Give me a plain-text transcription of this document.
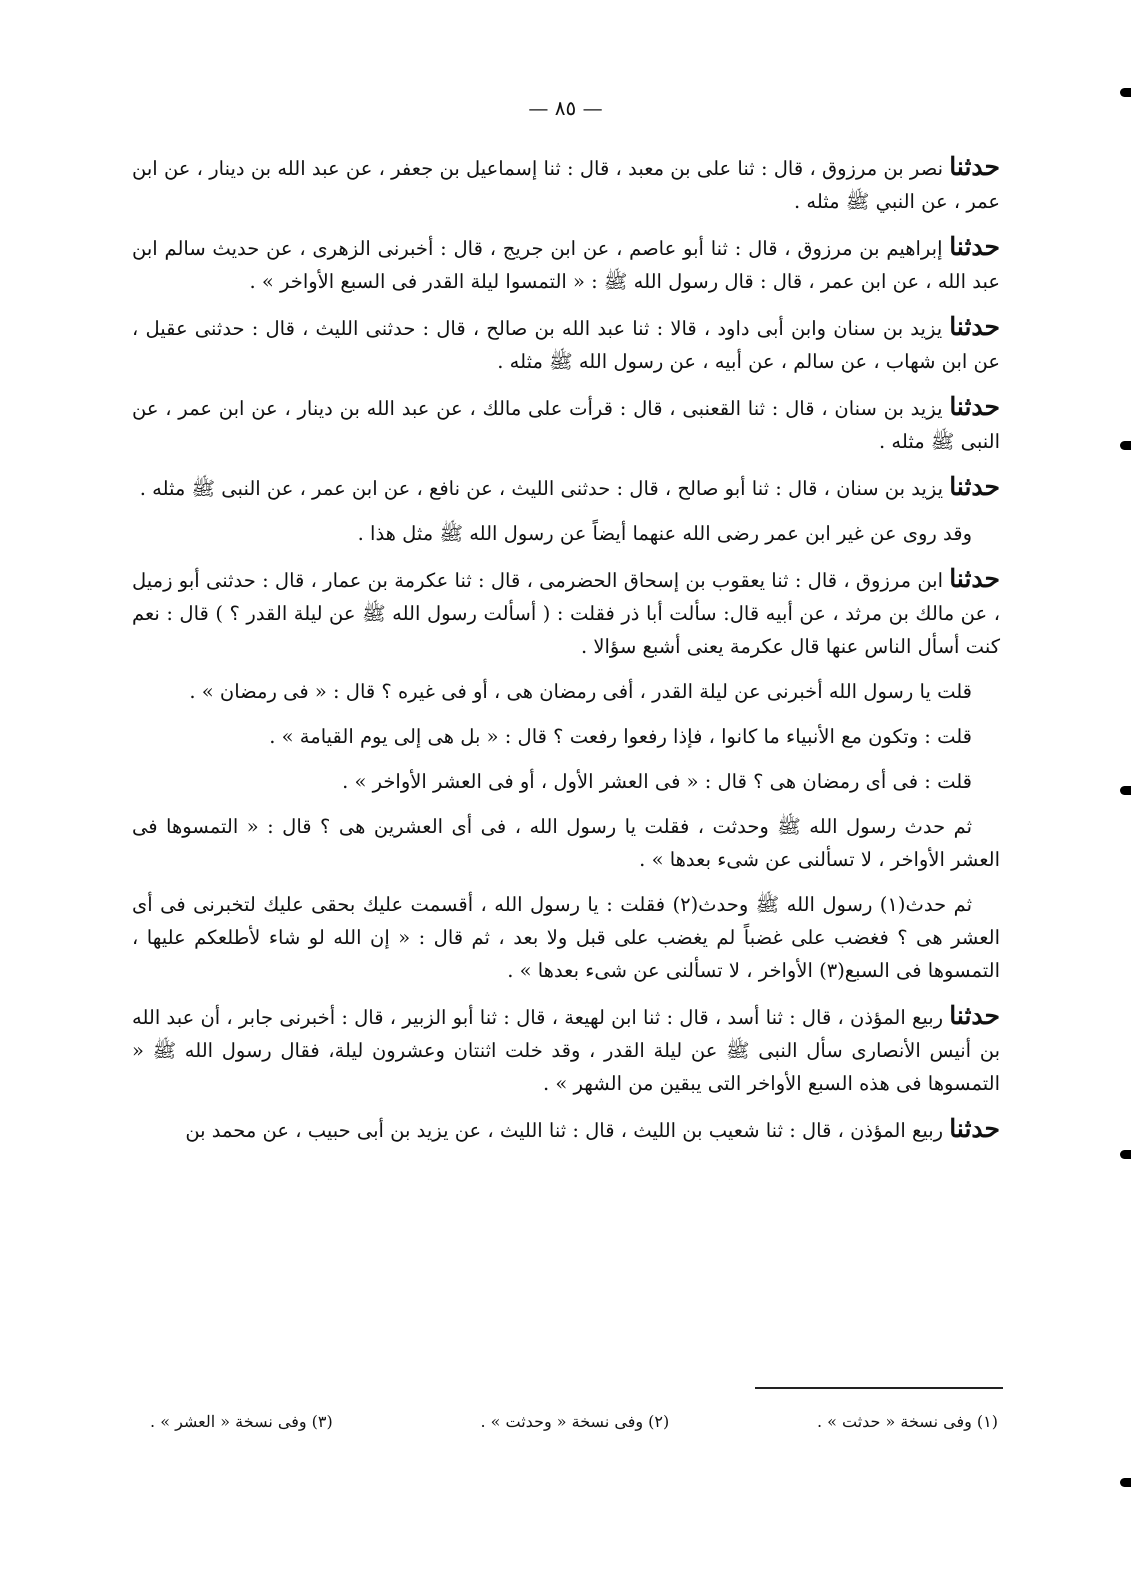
— ٨٥ —

حدثنا نصر بن مرزوق ، قال : ثنا على بن معبد ، قال : ثنا إسماعيل بن جعفر ، عن عبد الله بن دينار ، عن ابن عمر ، عن النبي ﷺ مثله .

حدثنا إبراهيم بن مرزوق ، قال : ثنا أبو عاصم ، عن ابن جريج ، قال : أخبرنى الزهرى ، عن حديث سالم ابن عبد الله ، عن ابن عمر ، قال : قال رسول الله ﷺ : « التمسوا ليلة القدر فى السبع الأواخر » .

حدثنا يزيد بن سنان وابن أبى داود ، قالا : ثنا عبد الله بن صالح ، قال : حدثنى الليث ، قال : حدثنى عقيل ، عن ابن شهاب ، عن سالم ، عن أبيه ، عن رسول الله ﷺ مثله .

حدثنا يزيد بن سنان ، قال : ثنا القعنبى ، قال : قرأت على مالك ، عن عبد الله بن دينار ، عن ابن عمر ، عن النبى ﷺ مثله .

حدثنا يزيد بن سنان ، قال : ثنا أبو صالح ، قال : حدثنى الليث ، عن نافع ، عن ابن عمر ، عن النبى ﷺ مثله .

وقد روى عن غير ابن عمر رضى الله عنهما أيضاً عن رسول الله ﷺ مثل هذا .

حدثنا ابن مرزوق ، قال : ثنا يعقوب بن إسحاق الحضرمى ، قال : ثنا عكرمة بن عمار ، قال : حدثنى أبو زميل ، عن مالك بن مرثد ، عن أبيه قال: سألت أبا ذر فقلت : ( أسألت رسول الله ﷺ عن ليلة القدر ؟ ) قال : نعم كنت أسأل الناس عنها قال عكرمة يعنى أشبع سؤالا .

قلت يا رسول الله أخبرنى عن ليلة القدر ، أفى رمضان هى ، أو فى غيره ؟ قال : « فى رمضان » .

قلت : وتكون مع الأنبياء ما كانوا ، فإذا رفعوا رفعت ؟ قال : « بل هى إلى يوم القيامة » .

قلت : فى أى رمضان هى ؟ قال : « فى العشر الأول ، أو فى العشر الأواخر » .

ثم حدث رسول الله ﷺ وحدثت ، فقلت يا رسول الله ، فى أى العشرين هى ؟ قال : « التمسوها فى العشر الأواخر ، لا تسألنى عن شىء بعدها » .

ثم حدث(١) رسول الله ﷺ وحدث(٢) فقلت : يا رسول الله ، أقسمت عليك بحقى عليك لتخبرنى فى أى العشر هى ؟ فغضب على غضباً لم يغضب على قبل ولا بعد ، ثم قال : « إن الله لو شاء لأطلعكم عليها ، التمسوها فى السبع(٣) الأواخر ، لا تسألنى عن شىء بعدها » .

حدثنا ربيع المؤذن ، قال : ثنا أسد ، قال : ثنا ابن لهيعة ، قال : ثنا أبو الزبير ، قال : أخبرنى جابر ، أن عبد الله بن أنيس الأنصارى سأل النبى ﷺ عن ليلة القدر ، وقد خلت اثنتان وعشرون ليلة، فقال رسول الله ﷺ « التمسوها فى هذه السبع الأواخر التى يبقين من الشهر » .

حدثنا ربيع المؤذن ، قال : ثنا شعيب بن الليث ، قال : ثنا الليث ، عن يزيد بن أبى حبيب ، عن محمد بن

(١) وفى نسخة « حدثت » .
(٢) وفى نسخة « وحدثت » .
(٣) وفى نسخة « العشر » .
